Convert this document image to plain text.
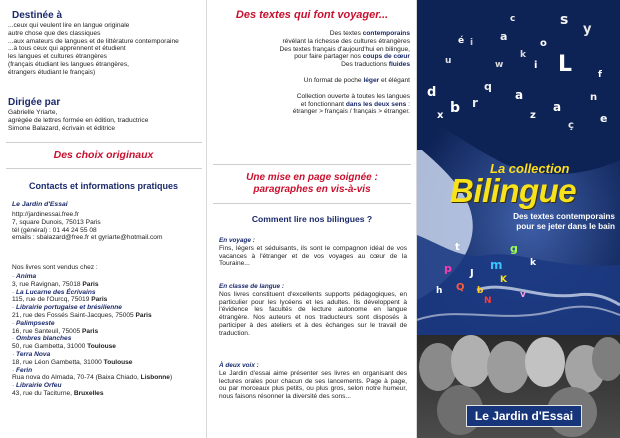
Destinée à
...ceux qui veulent lire en langue originale
autre chose que des classiques
...aux amateurs de langues et de littérature contemporaine
...à tous ceux qui apprennent et étudient
les langues et cultures étrangères
(français étudiant les langues étrangères,
étrangers étudiant le français)
Dirigée par
Gabrielle Yriarte,
agrégée de lettres formée en édition, traductrice
Simone Balazard, écrivain et éditrice
Des choix originaux
Contacts et informations pratiques
Le Jardin d'Essai
http://jardinessai.free.fr
7, square Dunois, 75013 Paris
tél (général) : 01 44 24 55 08
emails : sbalazard@free.fr et gyriarte@hotmail.com
Nos livres sont vendus chez :
· Anima
3, rue Ravignan, 75018 Paris
· La Lucarne des Écrivains
115, rue de l'Ourcq, 75019 Paris
· Librairie portugaise et brésilienne
21, rue des Fossés Saint-Jacques, 75005 Paris
· Palimpseste
16, rue Santeuil, 75005 Paris
· Ombres blanches
50, rue Gambetta, 31000 Toulouse
· Terra Nova
18, rue Léon Gambetta, 31000 Toulouse
· Ferin
Rua nova do Almada, 70-74 (Baixa Chiado, Lisbonne)
· Librairie Orfeu
43, rue du Taciturne, Bruxelles
Des textes qui font voyager...

Des textes contemporains

révélant la richesse des cultures étrangères

Des textes français d'aujourd'hui en bilingue,

pour faire partager nos coups de cœur

Des traductions fluides

Un format de poche léger et élégant

Collection ouverte à toutes les langues

et fonctionnant dans les deux sens :

étranger > français / français > étranger.

Une mise en page soignée :
paragraphes en vis-à-vis
Comment lire nos bilingues ?
En voyage :
Fins, légers et séduisants, ils sont le compagnon idéal de vos vacances à l'étranger et de vos voyages au cœur de la Touraine...
En classe de langue :
Nos livres constituent d'excellents supports pédagogiques, en particulier pour les lycéens et les adultes. Ils développent à l'évidence les facultés de lecture autonome en langue étrangère. Nos auteurs et nos traducteurs sont disposés à participer à des ateliers et à des échanges sur le travail de traduction.
À deux voix :
Le Jardin d'essai aime présenter ses livres en organisant des lectures orales pour chacun de ses lancements. Page à page, ou par morceaux plus petits, ou plus gros, selon notre humeur, nous faisons résonner la diversité des sons...
s
L
y
a
i
k
d	q
a
b r	a
n
e
x
i
z
ç
é
p	m
g
b
J
Q
K
N
k
h
u
c
o
f
w
t
v
La collection
Bilingue
Des textes contemporains
pour se jeter dans le bain
Le Jardin d'Essai
